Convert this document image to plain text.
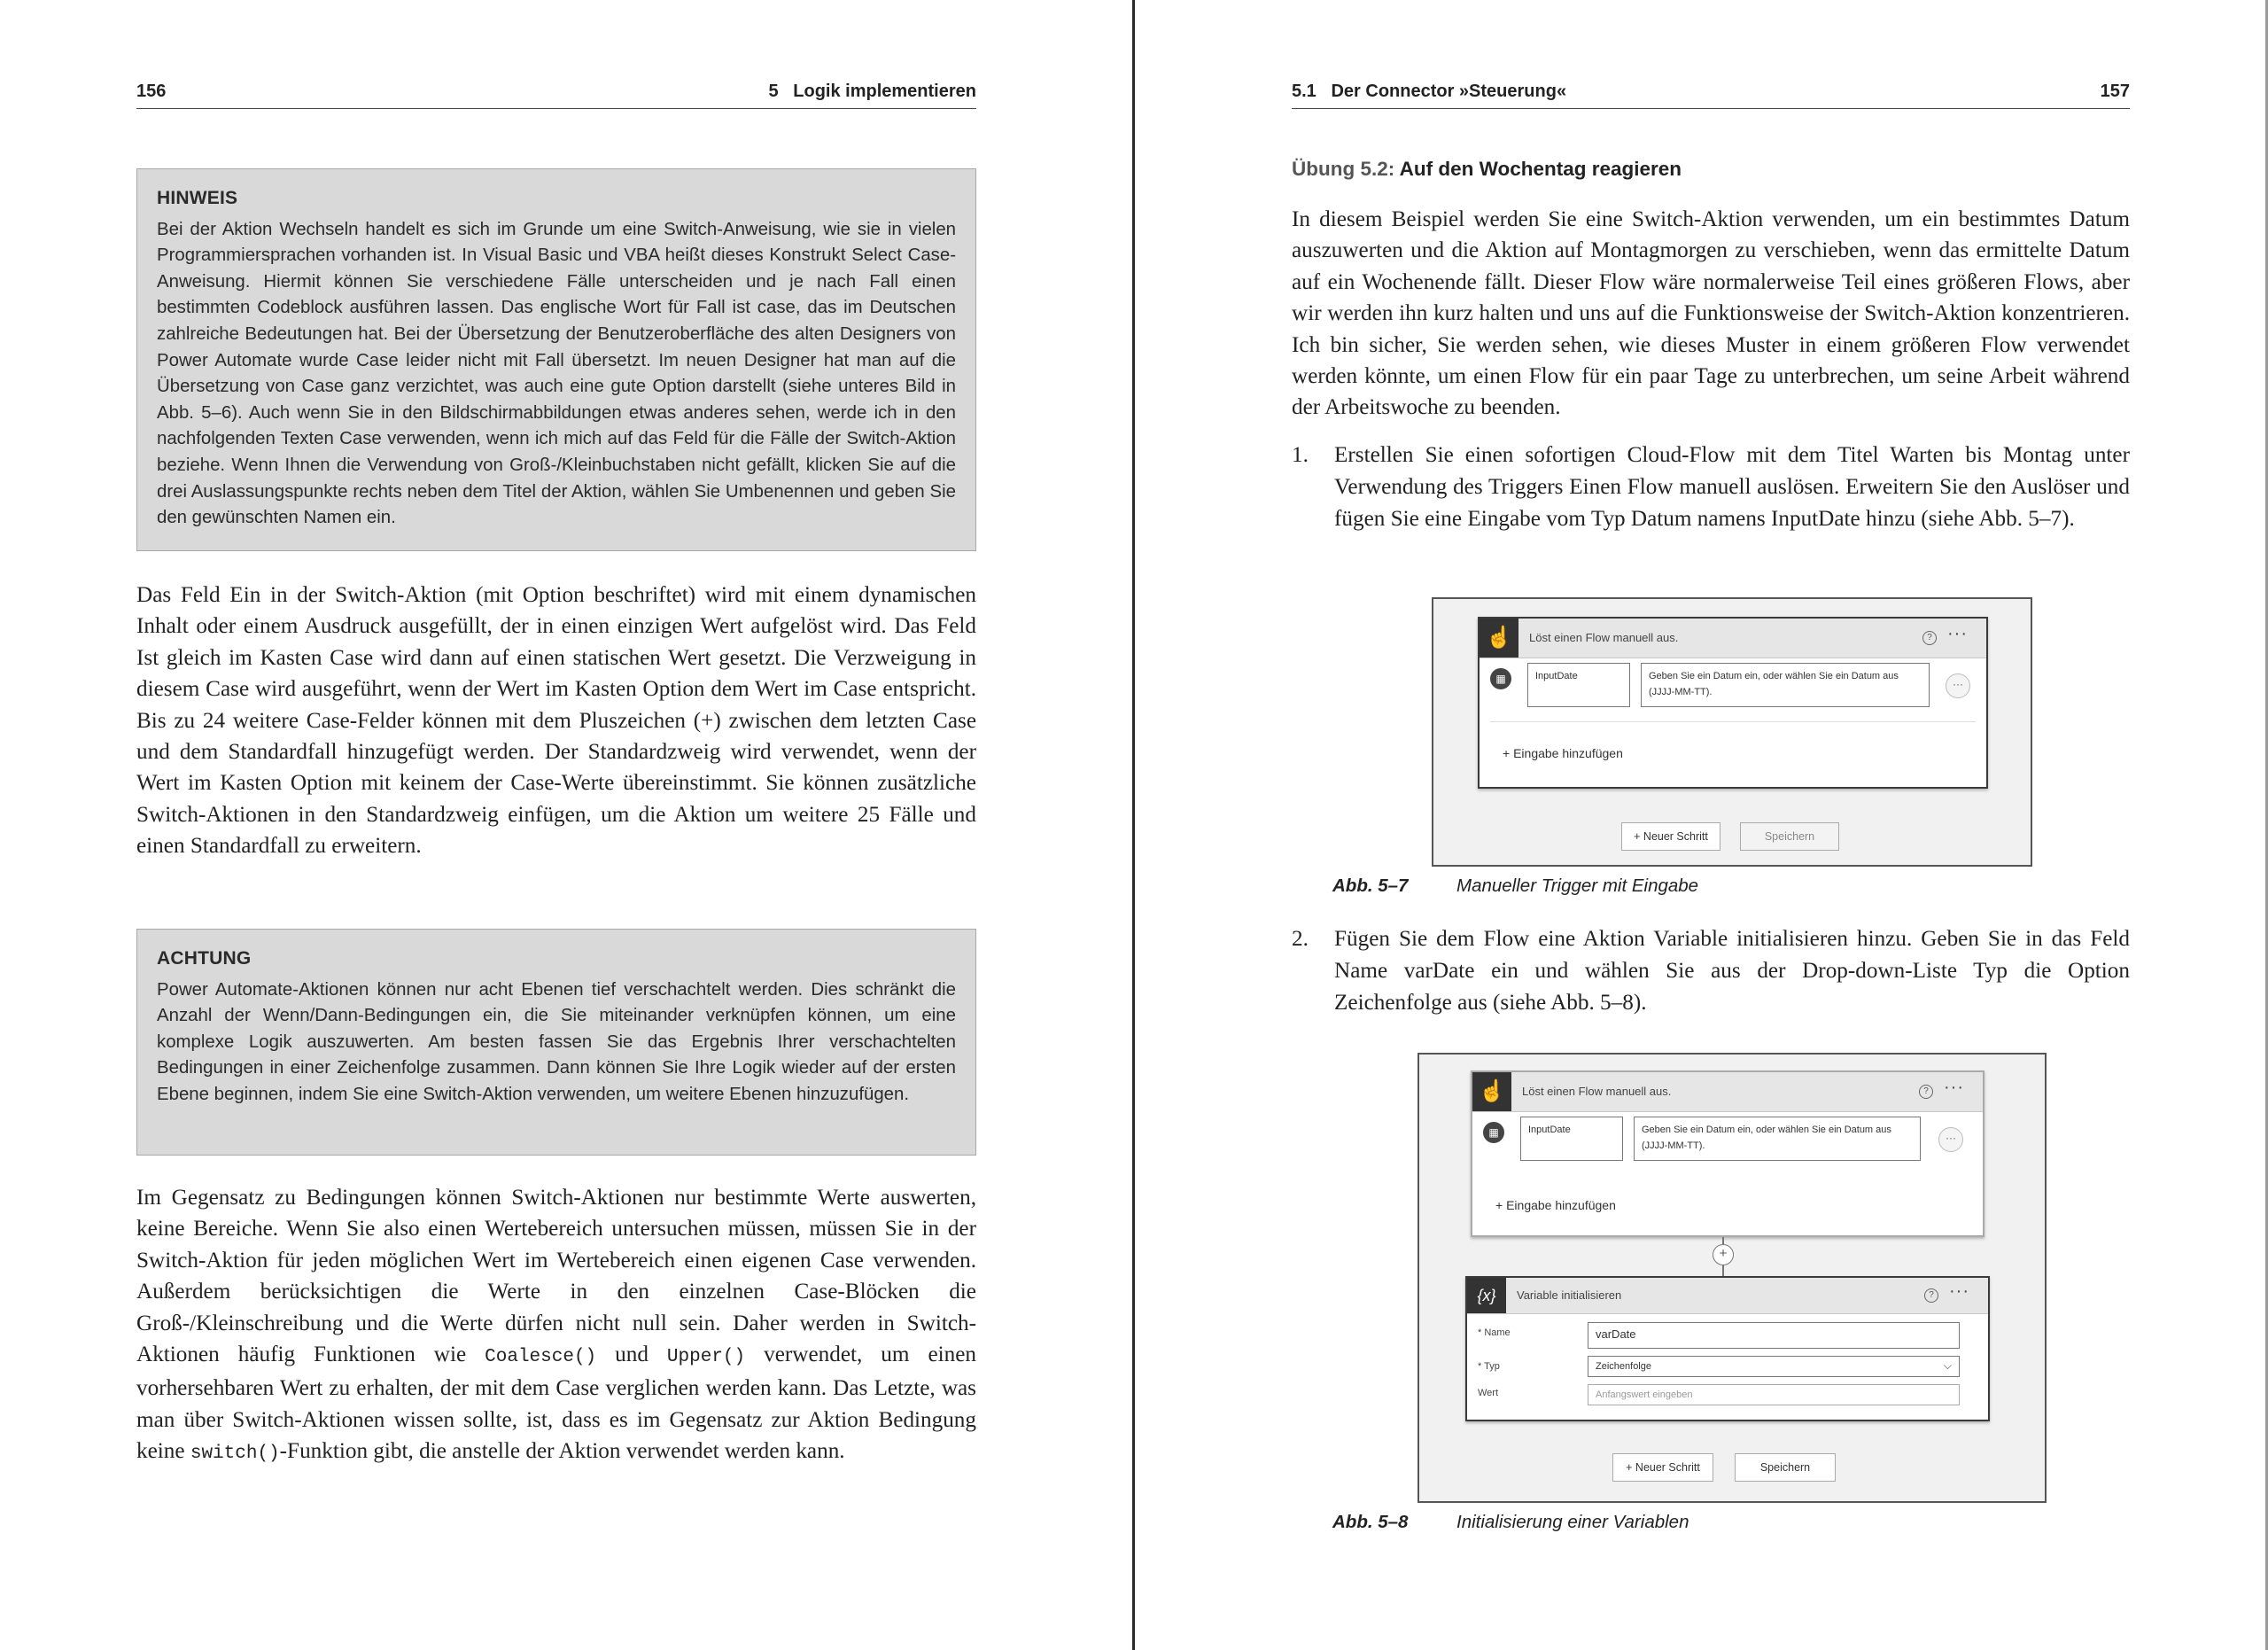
156	5   Logik implementieren
HINWEIS

Bei der Aktion Wechseln handelt es sich im Grunde um eine Switch-Anweisung, wie sie in vielen Programmiersprachen vorhanden ist. In Visual Basic und VBA heißt dieses Konstrukt Select Case-Anweisung. Hiermit können Sie verschiedene Fälle unterscheiden und je nach Fall einen bestimmten Codeblock ausführen lassen. Das englische Wort für Fall ist case, das im Deutschen zahlreiche Bedeutungen hat. Bei der Übersetzung der Benutzeroberfläche des alten Designers von Power Automate wurde Case leider nicht mit Fall übersetzt. Im neuen Designer hat man auf die Übersetzung von Case ganz verzichtet, was auch eine gute Option darstellt (siehe unteres Bild in Abb. 5–6). Auch wenn Sie in den Bildschirmabbildungen etwas anderes sehen, werde ich in den nachfolgenden Texten Case verwenden, wenn ich mich auf das Feld für die Fälle der Switch-Aktion beziehe. Wenn Ihnen die Verwendung von Groß-/Kleinbuchstaben nicht gefällt, klicken Sie auf die drei Auslassungspunkte rechts neben dem Titel der Aktion, wählen Sie Umbenennen und geben Sie den gewünschten Namen ein.

Das Feld Ein in der Switch-Aktion (mit Option beschriftet) wird mit einem dynamischen Inhalt oder einem Ausdruck ausgefüllt, der in einen einzigen Wert aufgelöst wird. Das Feld Ist gleich im Kasten Case wird dann auf einen statischen Wert gesetzt. Die Verzweigung in diesem Case wird ausgeführt, wenn der Wert im Kasten Option dem Wert im Case entspricht. Bis zu 24 weitere Case-Felder können mit dem Pluszeichen (+) zwischen dem letzten Case und dem Standardfall hinzugefügt werden. Der Standardzweig wird verwendet, wenn der Wert im Kasten Option mit keinem der Case-Werte übereinstimmt. Sie können zusätzliche Switch-Aktionen in den Standardzweig einfügen, um die Aktion um weitere 25 Fälle und einen Standardfall zu erweitern.

ACHTUNG

Power Automate-Aktionen können nur acht Ebenen tief verschachtelt werden. Dies schränkt die Anzahl der Wenn/Dann-Bedingungen ein, die Sie miteinander verknüpfen können, um eine komplexe Logik auszuwerten. Am besten fassen Sie das Ergebnis Ihrer verschachtelten Bedingungen in einer Zeichenfolge zusammen. Dann können Sie Ihre Logik wieder auf der ersten Ebene beginnen, indem Sie eine Switch-Aktion verwenden, um weitere Ebenen hinzuzufügen.

Im Gegensatz zu Bedingungen können Switch-Aktionen nur bestimmte Werte auswerten, keine Bereiche. Wenn Sie also einen Wertebereich untersuchen müssen, müssen Sie in der Switch-Aktion für jeden möglichen Wert im Wertebereich einen eigenen Case verwenden. Außerdem berücksichtigen die Werte in den einzelnen Case-Blöcken die Groß-/Kleinschreibung und die Werte dürfen nicht null sein. Daher werden in Switch-Aktionen häufig Funktionen wie Coalesce() und Upper() verwendet, um einen vorhersehbaren Wert zu erhalten, der mit dem Case verglichen werden kann. Das Letzte, was man über Switch-Aktionen wissen sollte, ist, dass es im Gegensatz zur Aktion Bedingung keine switch()-Funktion gibt, die anstelle der Aktion verwendet werden kann.

5.1   Der Connector »Steuerung«	157
Übung 5.2: Auf den Wochentag reagieren

In diesem Beispiel werden Sie eine Switch-Aktion verwenden, um ein bestimmtes Datum auszuwerten und die Aktion auf Montagmorgen zu verschieben, wenn das ermittelte Datum auf ein Wochenende fällt. Dieser Flow wäre normalerweise Teil eines größeren Flows, aber wir werden ihn kurz halten und uns auf die Funktionsweise der Switch-Aktion konzentrieren. Ich bin sicher, Sie werden sehen, wie dieses Muster in einem größeren Flow verwendet werden könnte, um einen Flow für ein paar Tage zu unterbrechen, um seine Arbeit während der Arbeitswoche zu beenden.

1. Erstellen Sie einen sofortigen Cloud-Flow mit dem Titel Warten bis Montag unter Verwendung des Triggers Einen Flow manuell auslösen. Erweitern Sie den Auslöser und fügen Sie eine Eingabe vom Typ Datum namens InputDate hinzu (siehe Abb. 5–7).
☝	Löst einen Flow manuell aus.	? ···
▦	InputDate	Geben Sie ein Datum ein, oder wählen Sie ein Datum aus (JJJJ-MM-TT).
···
+ Eingabe hinzufügen
+ Neuer Schritt	Speichern
Abb. 5–7	Manueller Trigger mit Eingabe
2. Fügen Sie dem Flow eine Aktion Variable initialisieren hinzu. Geben Sie in das Feld Name varDate ein und wählen Sie aus der Drop-down-Liste Typ die Option Zeichenfolge aus (siehe Abb. 5–8).
☝	Löst einen Flow manuell aus.	? ···
▦	InputDate	Geben Sie ein Datum ein, oder wählen Sie ein Datum aus (JJJJ-MM-TT).
···
+ Eingabe hinzufügen
+
{x}	Variable initialisieren	? ···
* Name	varDate
* Typ	Zeichenfolge	⌵
Wert	Anfangswert eingeben
+ Neuer Schritt	Speichern
Abb. 5–8	Initialisierung einer Variablen
